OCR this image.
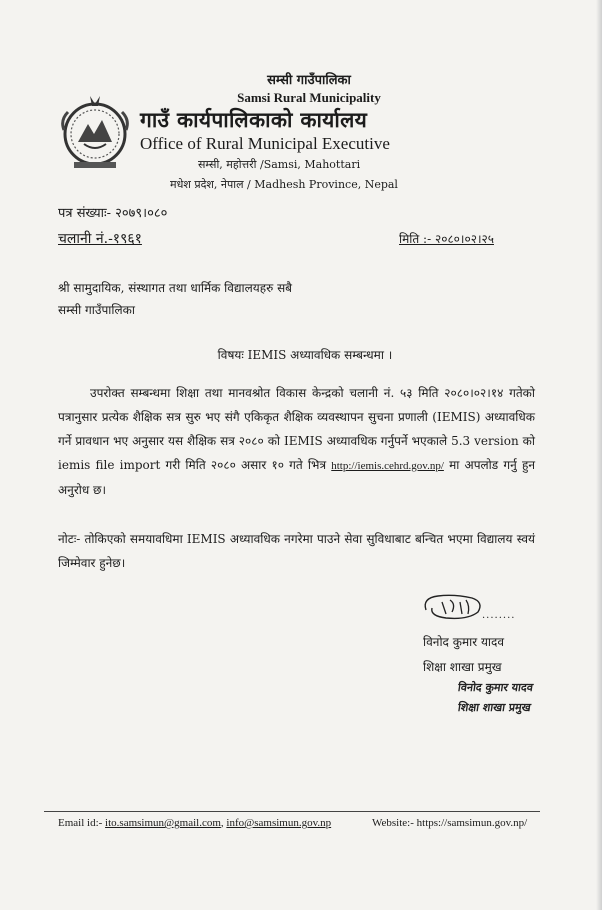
सम्सी गाउँपालिका
Samsi Rural Municipality
गाउँ कार्यपालिकाको कार्यालय
Office of Rural Municipal Executive
सम्सी, महोत्तरी /Samsi, Mahottari
मधेश प्रदेश, नेपाल / Madhesh Province, Nepal
पत्र संख्याः- २०७९।०८०
चलानी नं.-१९६१	मिति :- २०८०।०२।२५
श्री सामुदायिक, संस्थागत तथा धार्मिक विद्यालयहरु सबै
सम्सी गाउँपालिका
विषयः IEMIS अध्यावधिक सम्बन्धमा ।
उपरोक्त सम्बन्धमा शिक्षा तथा मानवश्रोत विकास केन्द्रको चलानी नं. ५३ मिति २०८०।०२।१४ गतेको पत्रानुसार प्रत्येक शैक्षिक सत्र सुरु भए संगै एकिकृत शैक्षिक व्यवस्थापन सुचना प्रणाली (IEMIS) अध्यावधिक गर्ने प्रावधान भए अनुसार यस शैक्षिक सत्र २०८० को IEMIS अध्यावधिक गर्नुपर्ने भएकाले 5.3 version को iemis file import गरी मिति २०८० असार १० गते भित्र http://iemis.cehrd.gov.np/ मा अपलोड गर्नु हुन अनुरोध छ।
नोटः- तोकिएको समयावधिमा IEMIS अध्यावधिक नगरेमा पाउने सेवा सुविधाबाट बन्चित भएमा विद्यालय स्वयं जिम्मेवार हुनेछ।
........
विनोद कुमार यादव
शिक्षा शाखा प्रमुख
विनोद कुमार यादव
शिक्षा शाखा प्रमुख
Email id:- ito.samsimun@gmail.com, info@samsimun.gov.np	Website:- https://samsimun.gov.np/
